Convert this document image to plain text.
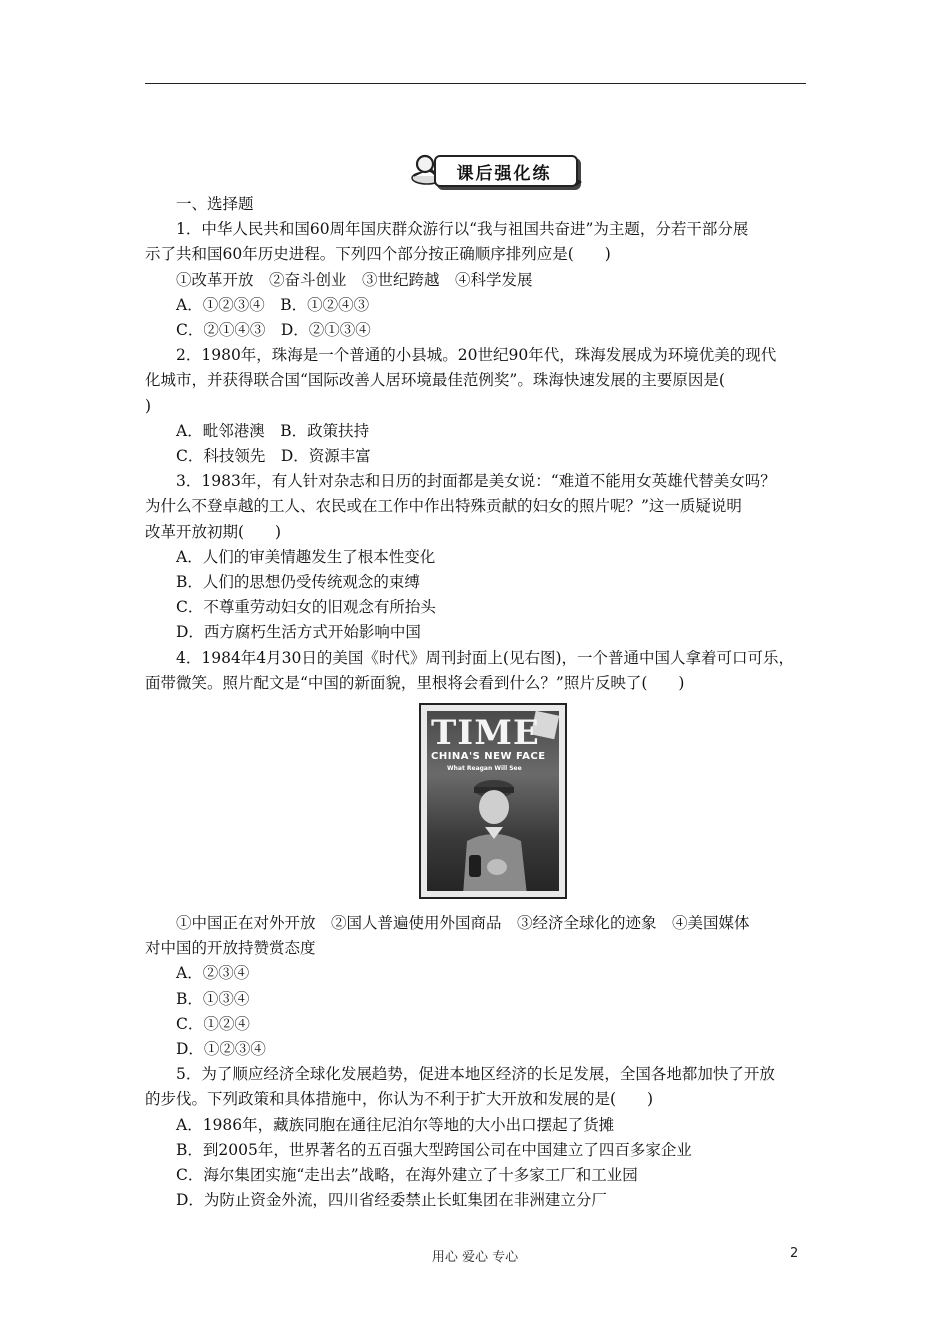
课后强化练
一、选择题
1．中华人民共和国60周年国庆群众游行以“我与祖国共奋进”为主题，分若干部分展
示了共和国60年历史进程。下列四个部分按正确顺序排列应是(　　)
①改革开放　②奋斗创业　③世纪跨越　④科学发展
A．①②③④　B．①②④③
C．②①④③　D．②①③④
2．1980年，珠海是一个普通的小县城。20世纪90年代，珠海发展成为环境优美的现代
化城市，并获得联合国“国际改善人居环境最佳范例奖”。珠海快速发展的主要原因是(
)
A．毗邻港澳　B．政策扶持
C．科技领先　D．资源丰富
3．1983年，有人针对杂志和日历的封面都是美女说：“难道不能用女英雄代替美女吗？
为什么不登卓越的工人、农民或在工作中作出特殊贡献的妇女的照片呢？”这一质疑说明
改革开放初期(　　)
A．人们的审美情趣发生了根本性变化
B．人们的思想仍受传统观念的束缚
C．不尊重劳动妇女的旧观念有所抬头
D．西方腐朽生活方式开始影响中国
4．1984年4月30日的美国《时代》周刊封面上(见右图)，一个普通中国人拿着可口可乐，
面带微笑。照片配文是“中国的新面貌，里根将会看到什么？”照片反映了(　　)
TIME
CHINA'S NEW FACE
What Reagan Will See
①中国正在对外开放　②国人普遍使用外国商品　③经济全球化的迹象　④美国媒体
对中国的开放持赞赏态度
A．②③④
B．①③④
C．①②④
D．①②③④
5．为了顺应经济全球化发展趋势，促进本地区经济的长足发展，全国各地都加快了开放
的步伐。下列政策和具体措施中，你认为不利于扩大开放和发展的是(　　)
A．1986年，藏族同胞在通往尼泊尔等地的大小出口摆起了货摊
B．到2005年，世界著名的五百强大型跨国公司在中国建立了四百多家企业
C．海尔集团实施“走出去”战略，在海外建立了十多家工厂和工业园
D．为防止资金外流，四川省经委禁止长虹集团在非洲建立分厂
用心 爱心 专心	2
